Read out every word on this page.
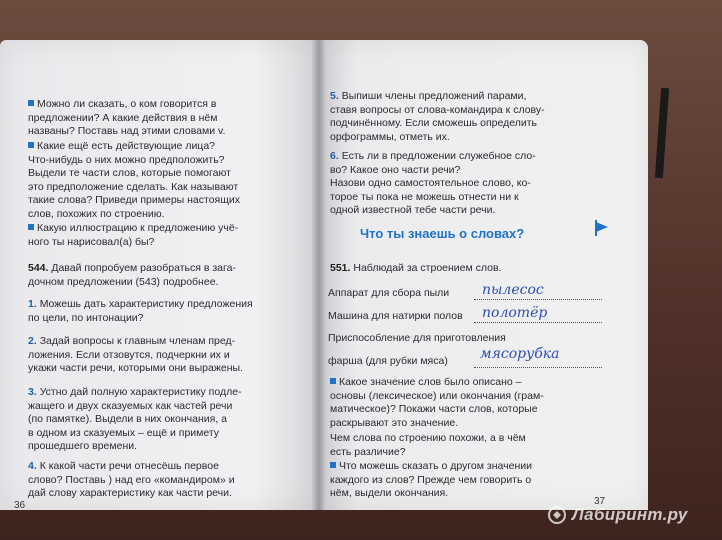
Можно ли сказать, о ком говорится в
предложении? А какие действия в нём
названы? Поставь над этими словами v.
Какие ещё есть действующие лица?
Что-нибудь о них можно предположить?
Выдели те части слов, которые помогают
это предположение сделать. Как называют
такие слова? Приведи примеры настоящих
слов, похожих по строению.
Какую иллюстрацию к предложению учё-
ного ты нарисовал(а) бы?
544. Давай попробуем разобраться в зага-
дочном предложении (543) подробнее.
1. Можешь дать характеристику предложения
по цели, по интонации?
2. Задай вопросы к главным членам пред-
ложения. Если отзовутся, подчеркни их и
укажи части речи, которыми они выражены.
3. Устно дай полную характеристику подле-
жащего и двух сказуемых как частей речи
(по памятке). Выдели в них окончания, а
в одном из сказуемых – ещё и примету
прошедшего времени.
4. К какой части речи отнесёшь первое
слово? Поставь ) над его «командиром» и
дай слову характеристику как части речи.
36
5. Выпиши члены предложений парами,
ставя вопросы от слова-командира к слову-
подчинённому. Если сможешь определить
орфограммы, отметь их.
6. Есть ли в предложении служебное сло-
во? Какое оно части речи?
Назови одно самостоятельное слово, ко-
торое ты пока не можешь отнести ни к
одной известной тебе части речи.
Что ты знаешь о словах?
551. Наблюдай за строением слов.
Аппарат для сбора пыли пылесос
Машина для натирки полов полотёр
Приспособление для приготовления
фарша (для рубки мяса) мясорубка
Какое значение слов было описано –
основы (лексическое) или окончания (грам-
матическое)? Покажи части слов, которые
раскрывают это значение.
Чем слова по строению похожи, а в чём
есть различие?
Что можешь сказать о другом значении
каждого из слов? Прежде чем говорить о
нём, выдели окончания.
37
Лабиринт.ру
